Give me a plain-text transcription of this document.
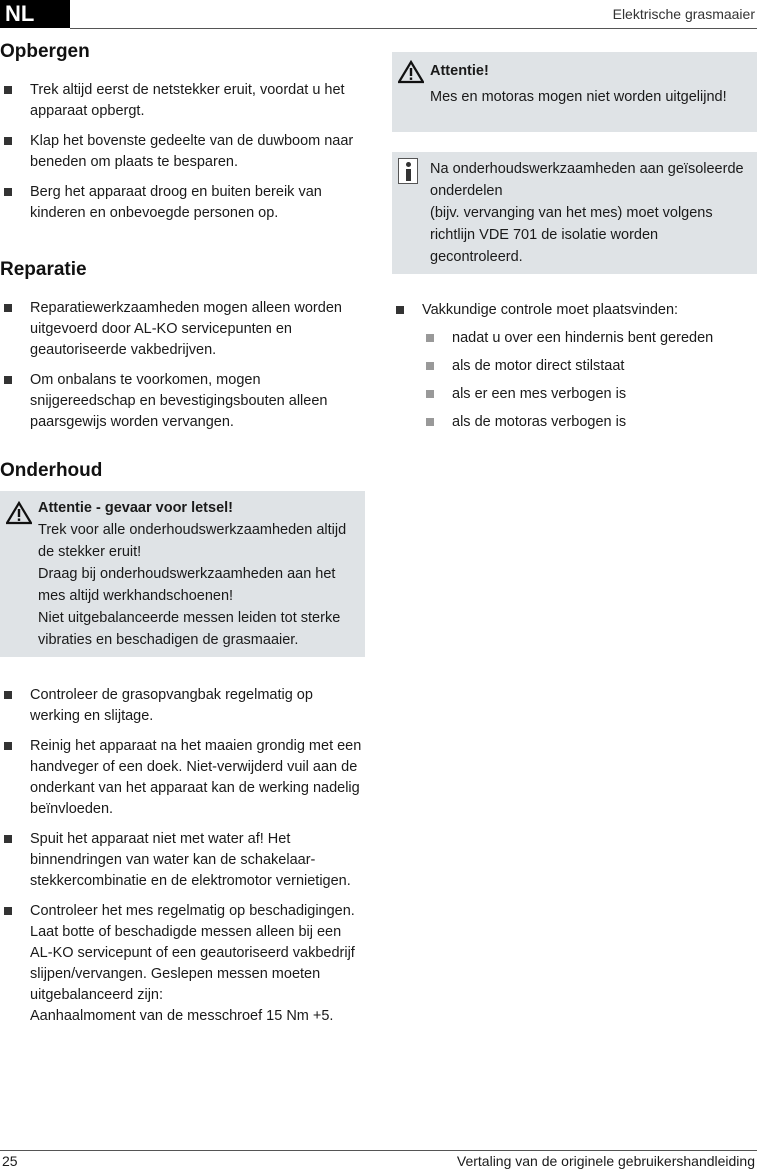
NL	Elektrische grasmaaier
Opbergen
Trek altijd eerst de netstekker eruit, voordat u het apparaat opbergt.
Klap het bovenste gedeelte van de duwboom naar beneden om plaats te besparen.
Berg het apparaat droog en buiten bereik van kinderen en onbevoegde personen op.
Reparatie
Reparatiewerkzaamheden mogen alleen worden uitgevoerd door AL-KO servicepunten en geautoriseerde vakbedrijven.
Om onbalans te voorkomen, mogen snijgereedschap en bevestigingsbouten alleen paarsgewijs worden vervangen.
Onderhoud
Attentie - gevaar voor letsel!
Trek voor alle onderhoudswerkzaamheden altijd de stekker eruit!
Draag bij onderhoudswerkzaamheden aan het mes altijd werkhandschoenen!
Niet uitgebalanceerde messen leiden tot sterke vibraties en beschadigen de grasmaaier.
Controleer de grasopvangbak regelmatig op werking en slijtage.
Reinig het apparaat na het maaien grondig met een handveger of een doek. Niet-verwijderd vuil aan de onderkant van het apparaat kan de werking nadelig beïnvloeden.
Spuit het apparaat niet met water af! Het binnendringen van water kan de schakelaar-stekkercombinatie en de elektromotor vernietigen.
Controleer het mes regelmatig op beschadigingen. Laat botte of beschadigde messen alleen bij een AL-KO servicepunt of een geautoriseerd vakbedrijf slijpen/vervangen. Geslepen messen moeten uitgebalanceerd zijn:
Aanhaalmoment van de messchroef 15 Nm +5.
Attentie!
Mes en motoras mogen niet worden uitgelijnd!
Na onderhoudswerkzaamheden aan geïsoleerde onderdelen
(bijv. vervanging van het mes) moet volgens richtlijn VDE 701 de isolatie worden gecontroleerd.
Vakkundige controle moet plaatsvinden:
nadat u over een hindernis bent gereden
als de motor direct stilstaat
als er een mes verbogen is
als de motoras verbogen is
25	Vertaling van de originele gebruikershandleiding
